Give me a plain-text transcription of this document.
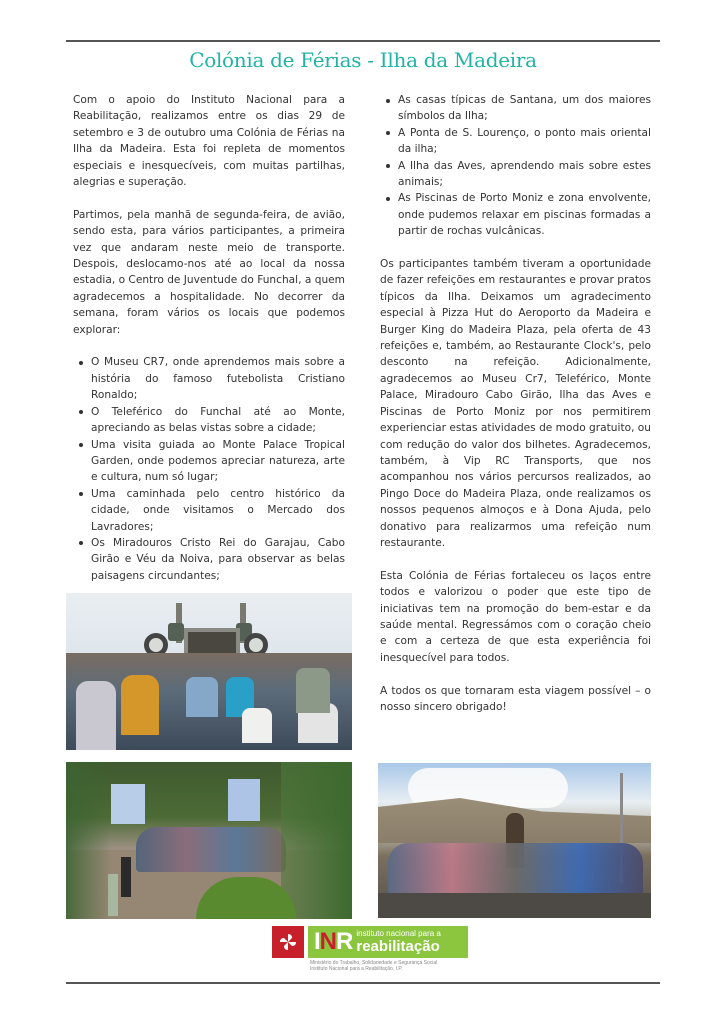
Colónia de Férias - Ilha da Madeira

Com o apoio do Instituto Nacional para a Reabilitação, realizamos entre os dias 29 de setembro e 3 de outubro uma Colónia de Férias na Ilha da Madeira. Esta foi repleta de momentos especiais e inesquecíveis, com muitas partilhas, alegrias e superação.

Partimos, pela manhã de segunda-feira, de avião, sendo esta, para vários participantes, a primeira vez que andaram neste meio de transporte. Despois, deslocamo-nos até ao local da nossa estadia, o Centro de Juventude do Funchal, a quem agradecemos a hospitalidade. No decorrer da semana, foram vários os locais que podemos explorar:

O Museu CR7, onde aprendemos mais sobre a história do famoso futebolista Cristiano Ronaldo;
O Teleférico do Funchal até ao Monte, apreciando as belas vistas sobre a cidade;
Uma visita guiada ao Monte Palace Tropical Garden, onde podemos apreciar natureza, arte e cultura, num só lugar;
Uma caminhada pelo centro histórico da cidade, onde visitamos o Mercado dos Lavradores;
Os Miradouros Cristo Rei do Garajau, Cabo Girão e Véu da Noiva, para observar as belas paisagens circundantes;
As casas típicas de Santana, um dos maiores símbolos da Ilha;
A Ponta de S. Lourenço, o ponto mais oriental da ilha;
A Ilha das Aves, aprendendo mais sobre estes animais;
As Piscinas de Porto Moniz e zona envolvente, onde pudemos relaxar em piscinas formadas a partir de rochas vulcânicas.

Os participantes também tiveram a oportunidade de fazer refeições em restaurantes e provar pratos típicos da Ilha. Deixamos um agradecimento especial à Pizza Hut do Aeroporto da Madeira e Burger King do Madeira Plaza, pela oferta de 43 refeições e, também, ao Restaurante Clock's, pelo desconto na refeição. Adicionalmente, agradecemos ao Museu Cr7, Teleférico, Monte Palace, Miradouro Cabo Girão, Ilha das Aves e Piscinas de Porto Moniz por nos permitirem experienciar estas atividades de modo gratuito, ou com redução do valor dos bilhetes. Agradecemos, também, à Vip RC Transports, que nos acompanhou nos vários percursos realizados, ao Pingo Doce do Madeira Plaza, onde realizamos os nossos pequenos almoços e à Dona Ajuda, pelo donativo para realizarmos uma refeição num restaurante.

Esta Colónia de Férias fortaleceu os laços entre todos e valorizou o poder que este tipo de iniciativas tem na promoção do bem-estar e da saúde mental. Regressámos com o coração cheio e com a certeza de que esta experiência foi inesquecível para todos.

A todos os que tornaram esta viagem possível – o nosso sincero obrigado!

INR instituto nacional para a
reabilitação
Ministério do Trabalho, Solidariedade e Segurança Social
Instituto Nacional para a Reabilitação, I.P.
